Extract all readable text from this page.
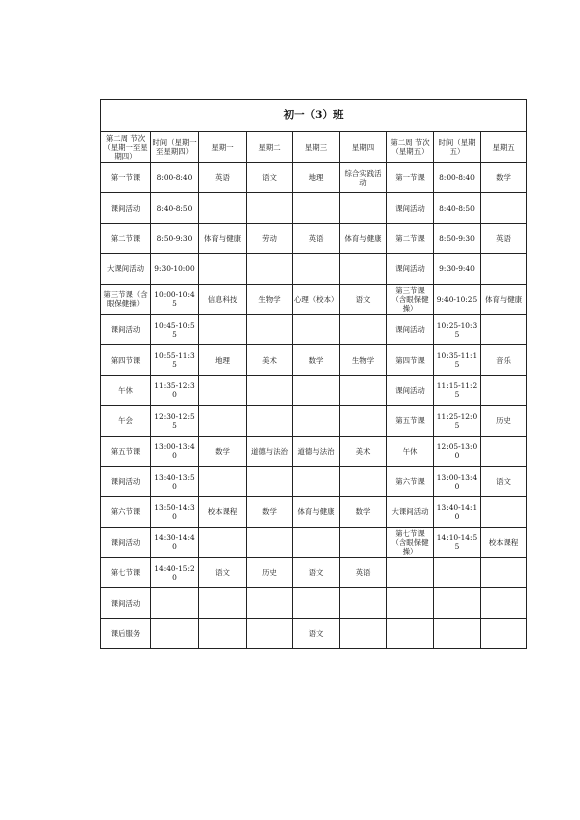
初一（3）班								
第二周 节次（星期一至星期四）	时间（星期一至星期四）	星期一	星期二	星期三	星期四	第二周 节次（星期五）	时间（星期五）	星期五
第一节课	8:00-8:40	英语	语文	地理	综合实践活动	第一节课	8:00-8:40	数学
课间活动	8:40-8:50					课间活动	8:40-8:50	
第二节课	8:50-9:30	体育与健康	劳动	英语	体育与健康	第二节课	8:50-9:30	英语
大课间活动	9:30-10:00					课间活动	9:30-9:40	
第三节课（含眼保健操）	10:00-10:45	信息科技	生物学	心理（校本）	语文	第三节课（含眼保健操）	9:40-10:25	体育与健康
课间活动	10:45-10:55					课间活动	10:25-10:35	
第四节课	10:55-11:35	地理	美术	数学	生物学	第四节课	10:35-11:15	音乐
午休	11:35-12:30					课间活动	11:15-11:25	
午会	12:30-12:55					第五节课	11:25-12:05	历史
第五节课	13:00-13:40	数学	道德与法治	道德与法治	美术	午休	12:05-13:00	
课间活动	13:40-13:50					第六节课	13:00-13:40	语文
第六节课	13:50-14:30	校本课程	数学	体育与健康	数学	大课间活动	13:40-14:10	
课间活动	14:30-14:40					第七节课（含眼保健操）	14:10-14:55	校本课程
第七节课	14:40-15:20	语文	历史	语文	英语			
课间活动								
课后服务				语文				
